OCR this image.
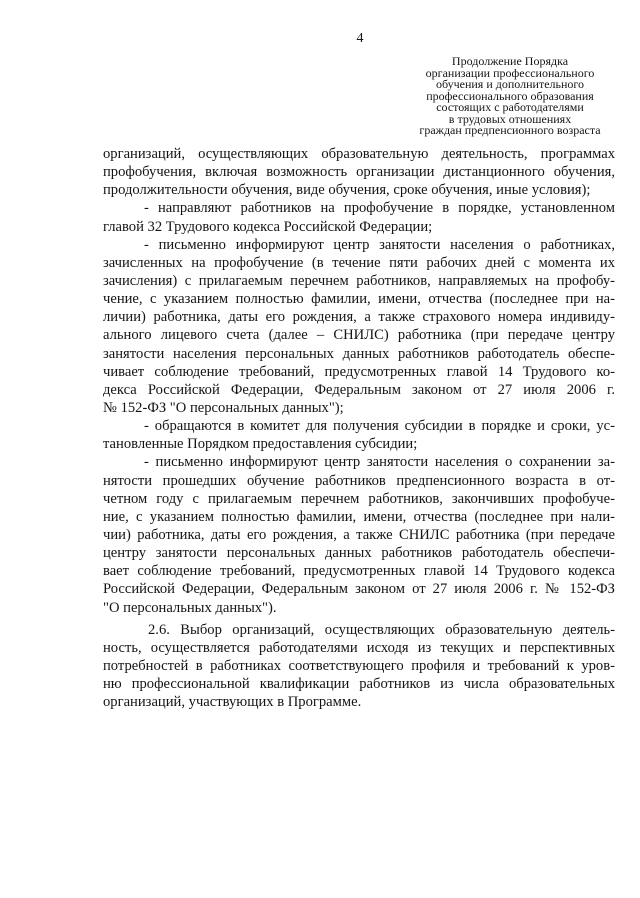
4
Продолжение Порядка
организации профессионального
обучения и дополнительного
профессионального образования
состоящих с работодателями
в трудовых отношениях
граждан предпенсионного возраста
организаций, осуществляющих образовательную деятельность, программах
профобучения, включая возможность организации дистанционного обучения,
продолжительности обучения, виде обучения, сроке обучения, иные условия);
- направляют работников на профобучение в порядке, установленном
главой 32 Трудового кодекса Российской Федерации;
- письменно информируют центр занятости населения о работниках,
зачисленных на профобучение (в течение пяти рабочих дней с момента их
зачисления) с прилагаемым перечнем работников, направляемых на профобу-
чение, с указанием полностью фамилии, имени, отчества (последнее при на-
личии) работника, даты его рождения, а также страхового номера индивиду-
ального лицевого счета (далее – СНИЛС) работника (при передаче центру
занятости населения персональных данных работников работодатель обеспе-
чивает соблюдение требований, предусмотренных главой 14 Трудового ко-
декса Российской Федерации, Федеральным законом от 27 июля 2006 г.
№ 152-ФЗ "О персональных данных");
- обращаются в комитет для получения субсидии в порядке и сроки, ус-
тановленные Порядком предоставления субсидии;
- письменно информируют центр занятости населения о сохранении за-
нятости прошедших обучение работников предпенсионного возраста в от-
четном году с прилагаемым перечнем работников, закончивших профобуче-
ние, с указанием полностью фамилии, имени, отчества (последнее при нали-
чии) работника, даты его рождения, а также СНИЛС работника (при передаче
центру занятости персональных данных работников работодатель обеспечи-
вает соблюдение требований, предусмотренных главой 14 Трудового кодекса
Российской Федерации, Федеральным законом от 27 июля 2006 г. № 152-ФЗ
"О персональных данных").
2.6. Выбор организаций, осуществляющих образовательную деятель-
ность, осуществляется работодателями исходя из текущих и перспективных
потребностей в работниках соответствующего профиля и требований к уров-
ню профессиональной квалификации работников из числа образовательных
организаций, участвующих в Программе.
